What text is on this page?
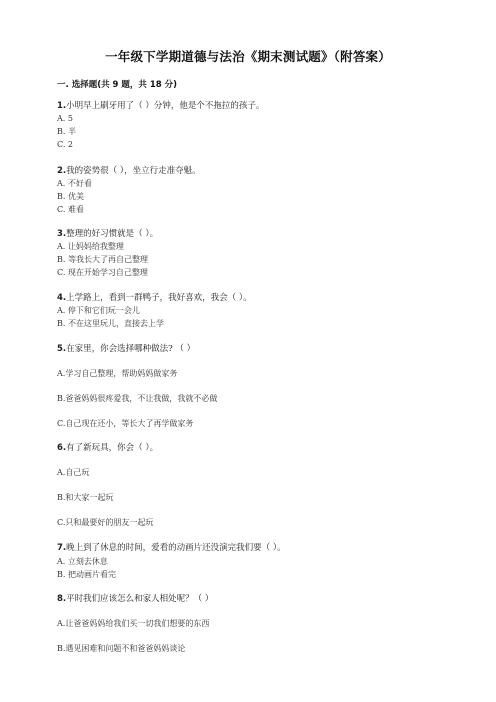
一年级下学期道德与法治《期末测试题》（附答案）
一. 选择题(共 9 题，共 18 分)
1.小明早上刷牙用了（ ）分钟，他是个不拖拉的孩子。
A. 5
B. 半
C. 2
2.我的姿势很（ ），坐立行走准夺魁。
A. 不好看
B. 优美
C. 难看
3.整理的好习惯就是（ ）。
A. 让妈妈给我整理
B. 等我长大了再自己整理
C. 现在开始学习自己整理
4.上学路上，看到一群鸭子，我好喜欢，我会（ ）。
A. 停下和它们玩一会儿
B. 不在这里玩儿，直接去上学
5.在家里，你会选择哪种做法? （ ）
A.学习自己整理，帮助妈妈做家务
B.爸爸妈妈很疼爱我，不让我做，我就不必做
C.自己现在还小，等长大了再学做家务
6.有了新玩具，你会（ ）。
A.自己玩
B.和大家一起玩
C.只和最要好的朋友一起玩
7.晚上到了休息的时间，爱看的动画片还没演完我们要（ ）。
A. 立刻去休息
B. 把动画片看完
8.平时我们应该怎么和家人相处呢？（ ）
A.让爸爸妈妈给我们买一切我们想要的东西
B.遇见困难和问题不和爸爸妈妈谈论
